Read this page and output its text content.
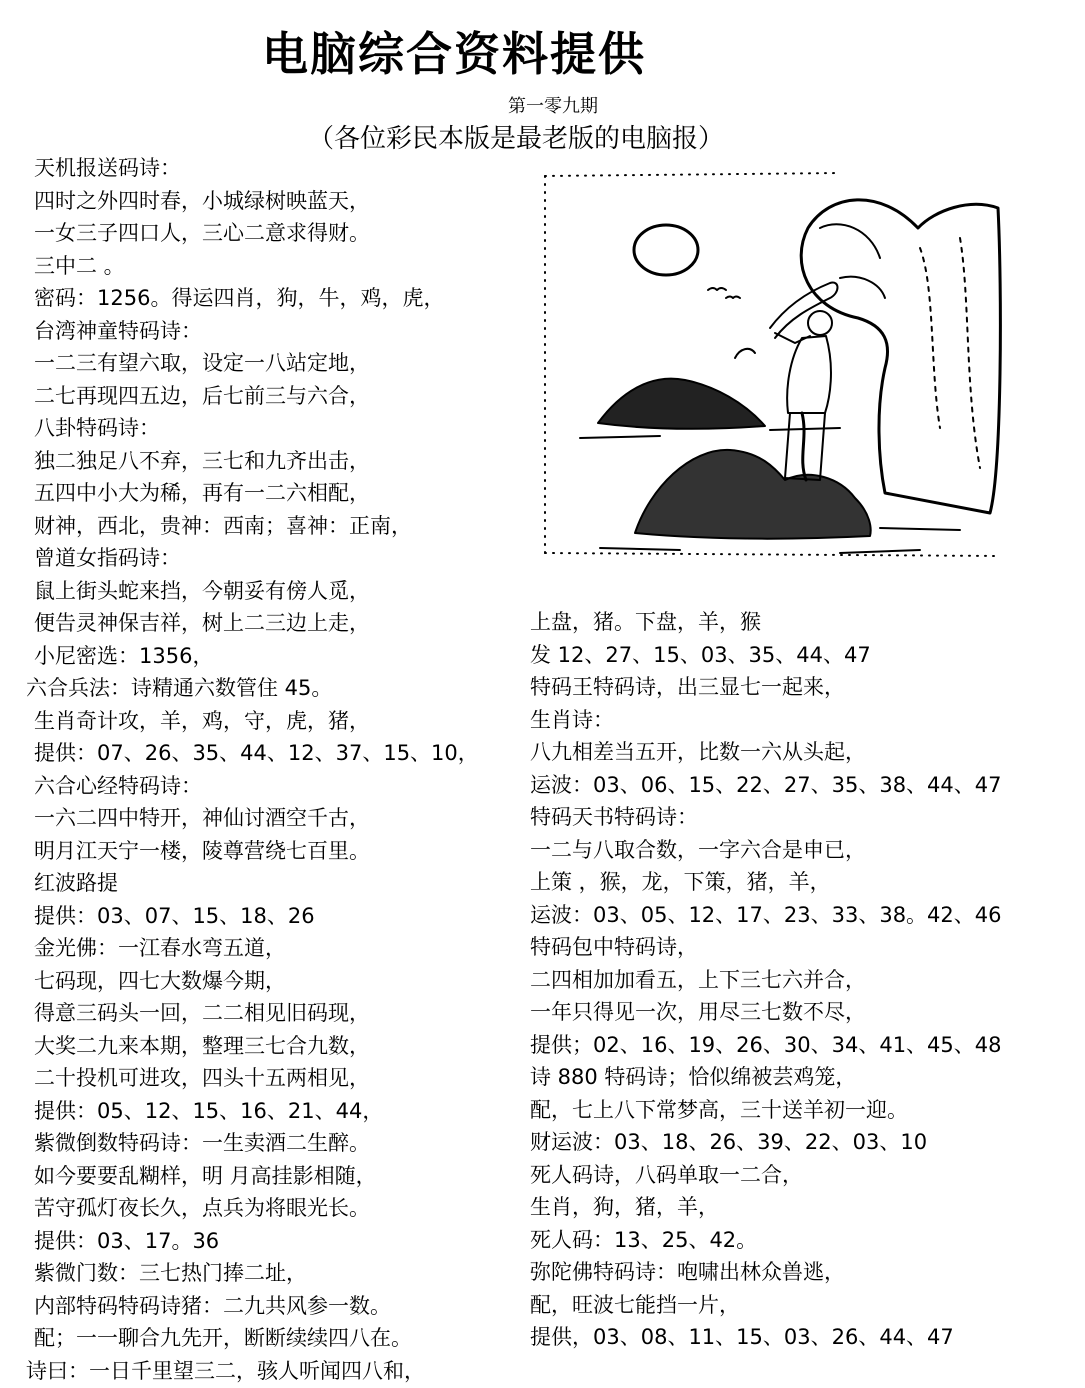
电脑综合资料提供
第一零九期
（各位彩民本版是最老版的电脑报）
天机报送码诗：
四时之外四时春，小城绿树映蓝天，
一女三子四口人，三心二意求得财。
三中二 。
密码：1256。得运四肖，狗，牛，鸡，虎，
台湾神童特码诗：
一二三有望六取，设定一八站定地，
二七再现四五边，后七前三与六合，
八卦特码诗：
独二独足八不弃，三七和九齐出击，
五四中小大为稀，再有一二六相配，
财神，西北，贵神：西南；喜神：正南，
曾道女指码诗：
鼠上街头蛇来挡，今朝妥有傍人觅，
便告灵神保吉祥，树上二三边上走，
小尼密选：1356，
六合兵法：诗精通六数管住 45。
生肖奇计攻，羊，鸡，守，虎，猪，
提供：07、26、35、44、12、37、15、10，
六合心经特码诗：
一六二四中特开，神仙讨酒空千古，
明月江天宁一楼，陵尊营绕七百里。
红波路提
提供：03、07、15、18、26
金光佛：一江春水弯五道，
七码现，四七大数爆今期，
得意三码头一回，二二相见旧码现，
大奖二九来本期，整理三七合九数，
二十投机可进攻，四头十五两相见，
提供：05、12、15、16、21、44，
紫微倒数特码诗：一生卖酒二生醉。
如今要要乱糊样，明 月高挂影相随，
苦守孤灯夜长久，点兵为将眼光长。
提供：03、17。36
紫微门数：三七热门捧二址，
内部特码特码诗猪：二九共风参一数。
配；一一聊合九先开，断断续续四八在。
诗曰：一日千里望三二，骇人听闻四八和，
上盘，猪。下盘，羊，猴
发 12、27、15、03、35、44、47
特码王特码诗，出三显七一起来，
生肖诗：
八九相差当五开，比数一六从头起，
运波：03、06、15、22、27、35、38、44、47
特码天书特码诗：
一二与八取合数，一字六合是申已，
上策 ，猴，龙，下策，猪，羊，
运波：03、05、12、17、23、33、38。42、46
特码包中特码诗，
二四相加加看五，上下三七六并合，
一年只得见一次，用尽三七数不尽，
提供；02、16、19、26、30、34、41、45、48
诗 880 特码诗；恰似绵被芸鸡笼，
配，七上八下常梦高，三十送羊初一迎。
财运波：03、18、26、39、22、03、10
死人码诗，八码单取一二合，
生肖，狗，猪，羊，
死人码：13、25、42。
弥陀佛特码诗：咆啸出林众兽逃，
配，旺波七能挡一片，
提供，03、08、11、15、03、26、44、47
